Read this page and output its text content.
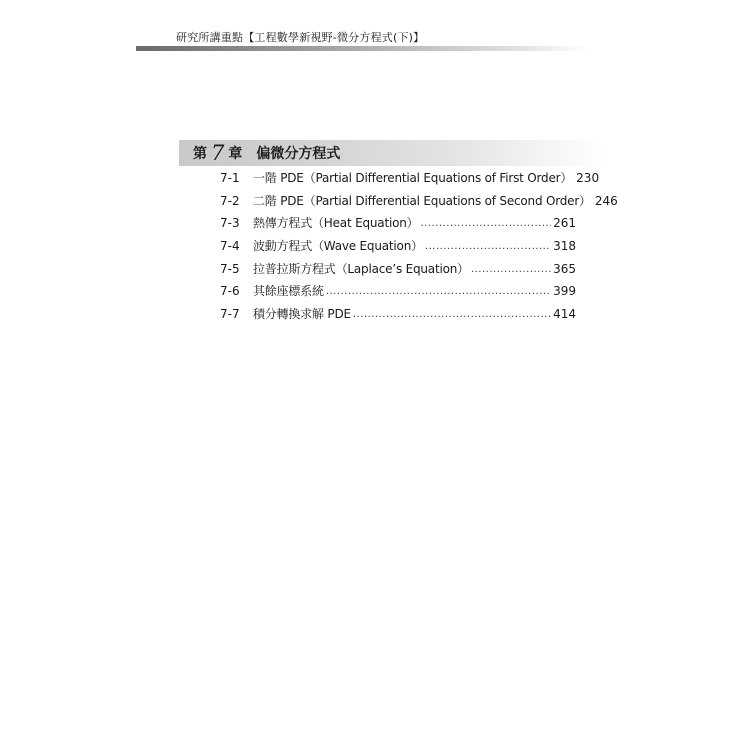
研究所講重點【工程數學新視野-微分方程式(下)】
第 7 章 偏微分方程式
7-1	一階 PDE（Partial Differential Equations of First Order） 230
7-2	二階 PDE（Partial Differential Equations of Second Order） 246
7-3	熱傳方程式（Heat Equation） .....	261
7-4	波動方程式（Wave Equation） .....	318
7-5	拉普拉斯方程式（Laplace’s Equation） .....	365
7-6	其餘座標系統 .....	399
7-7	積分轉換求解 PDE .....	414
